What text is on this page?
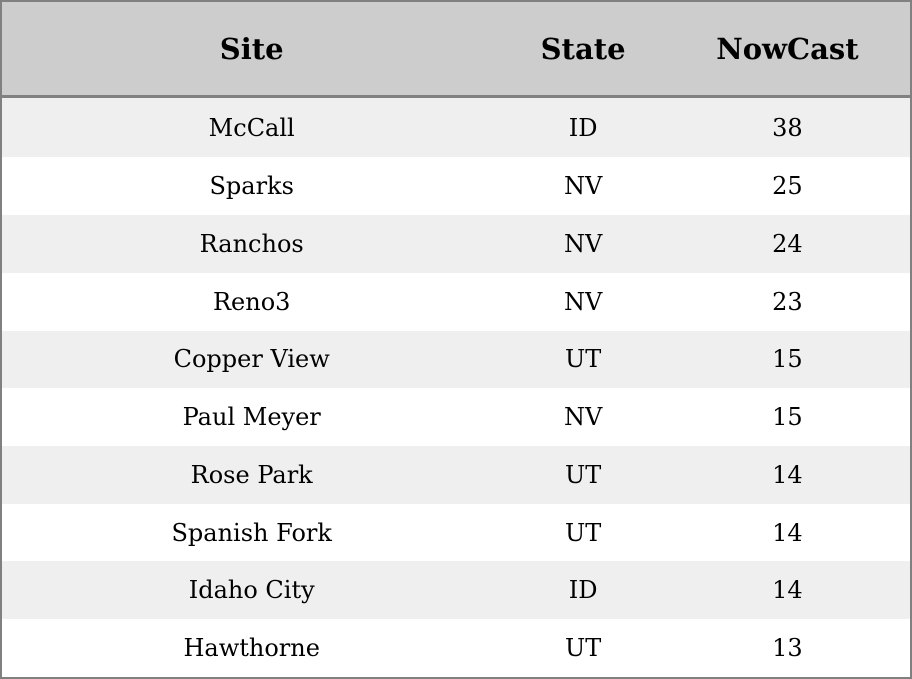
Site	State	NowCast
McCall	ID	38
Sparks	NV	25
Ranchos	NV	24
Reno3	NV	23
Copper View	UT	15
Paul Meyer	NV	15
Rose Park	UT	14
Spanish Fork	UT	14
Idaho City	ID	14
Hawthorne	UT	13
